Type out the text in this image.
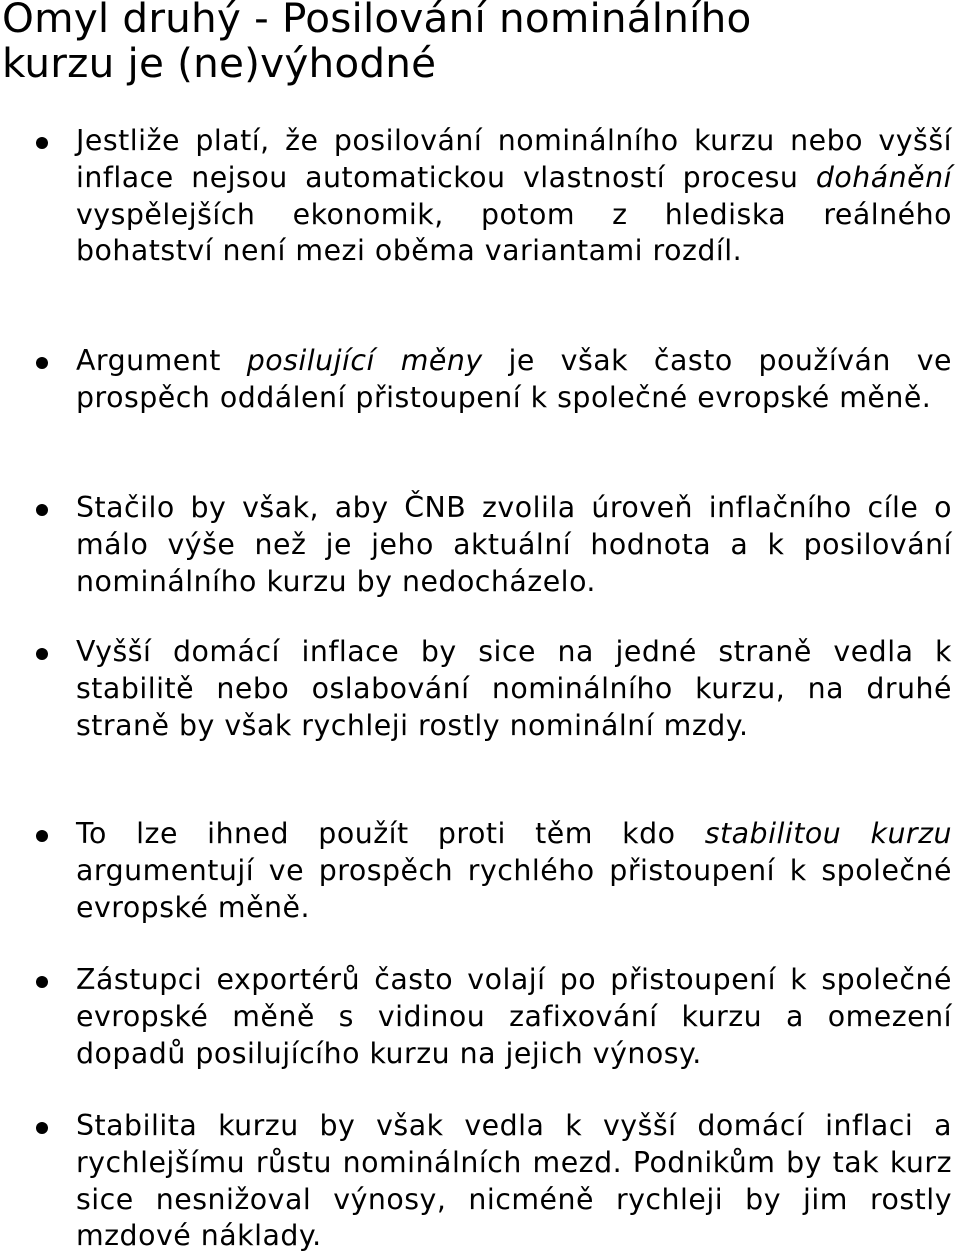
Omyl druhý - Posilování nominálního
kurzu je (ne)výhodné
Jestliže platí, že posilování nominálního kurzu nebo vyšší inflace nejsou automatickou vlastností procesu dohánění vyspělejších ekonomik, potom z hlediska reálného bohatství není mezi oběma variantami rozdíl.
Argument posilující měny je však často používán ve prospěch oddálení přistoupení k společné evropské měně.
Stačilo by však, aby ČNB zvolila úroveň inflačního cíle o málo výše než je jeho aktuální hodnota a k posilování nominálního kurzu by nedocházelo.
Vyšší domácí inflace by sice na jedné straně vedla k stabilitě nebo oslabování nominálního kurzu, na druhé straně by však rychleji rostly nominální mzdy.
To lze ihned použít proti těm kdo stabilitou kurzu argumentují ve prospěch rychlého přistoupení k společné evropské měně.
Zástupci exportérů často volají po přistoupení k společné evropské měně s vidinou zafixování kurzu a omezení dopadů posilujícího kurzu na jejich výnosy.
Stabilita kurzu by však vedla k vyšší domácí inflaci a rychlejšímu růstu nominálních mezd. Podnikům by tak kurz sice nesnižoval výnosy, nicméně rychleji by jim rostly mzdové náklady.
